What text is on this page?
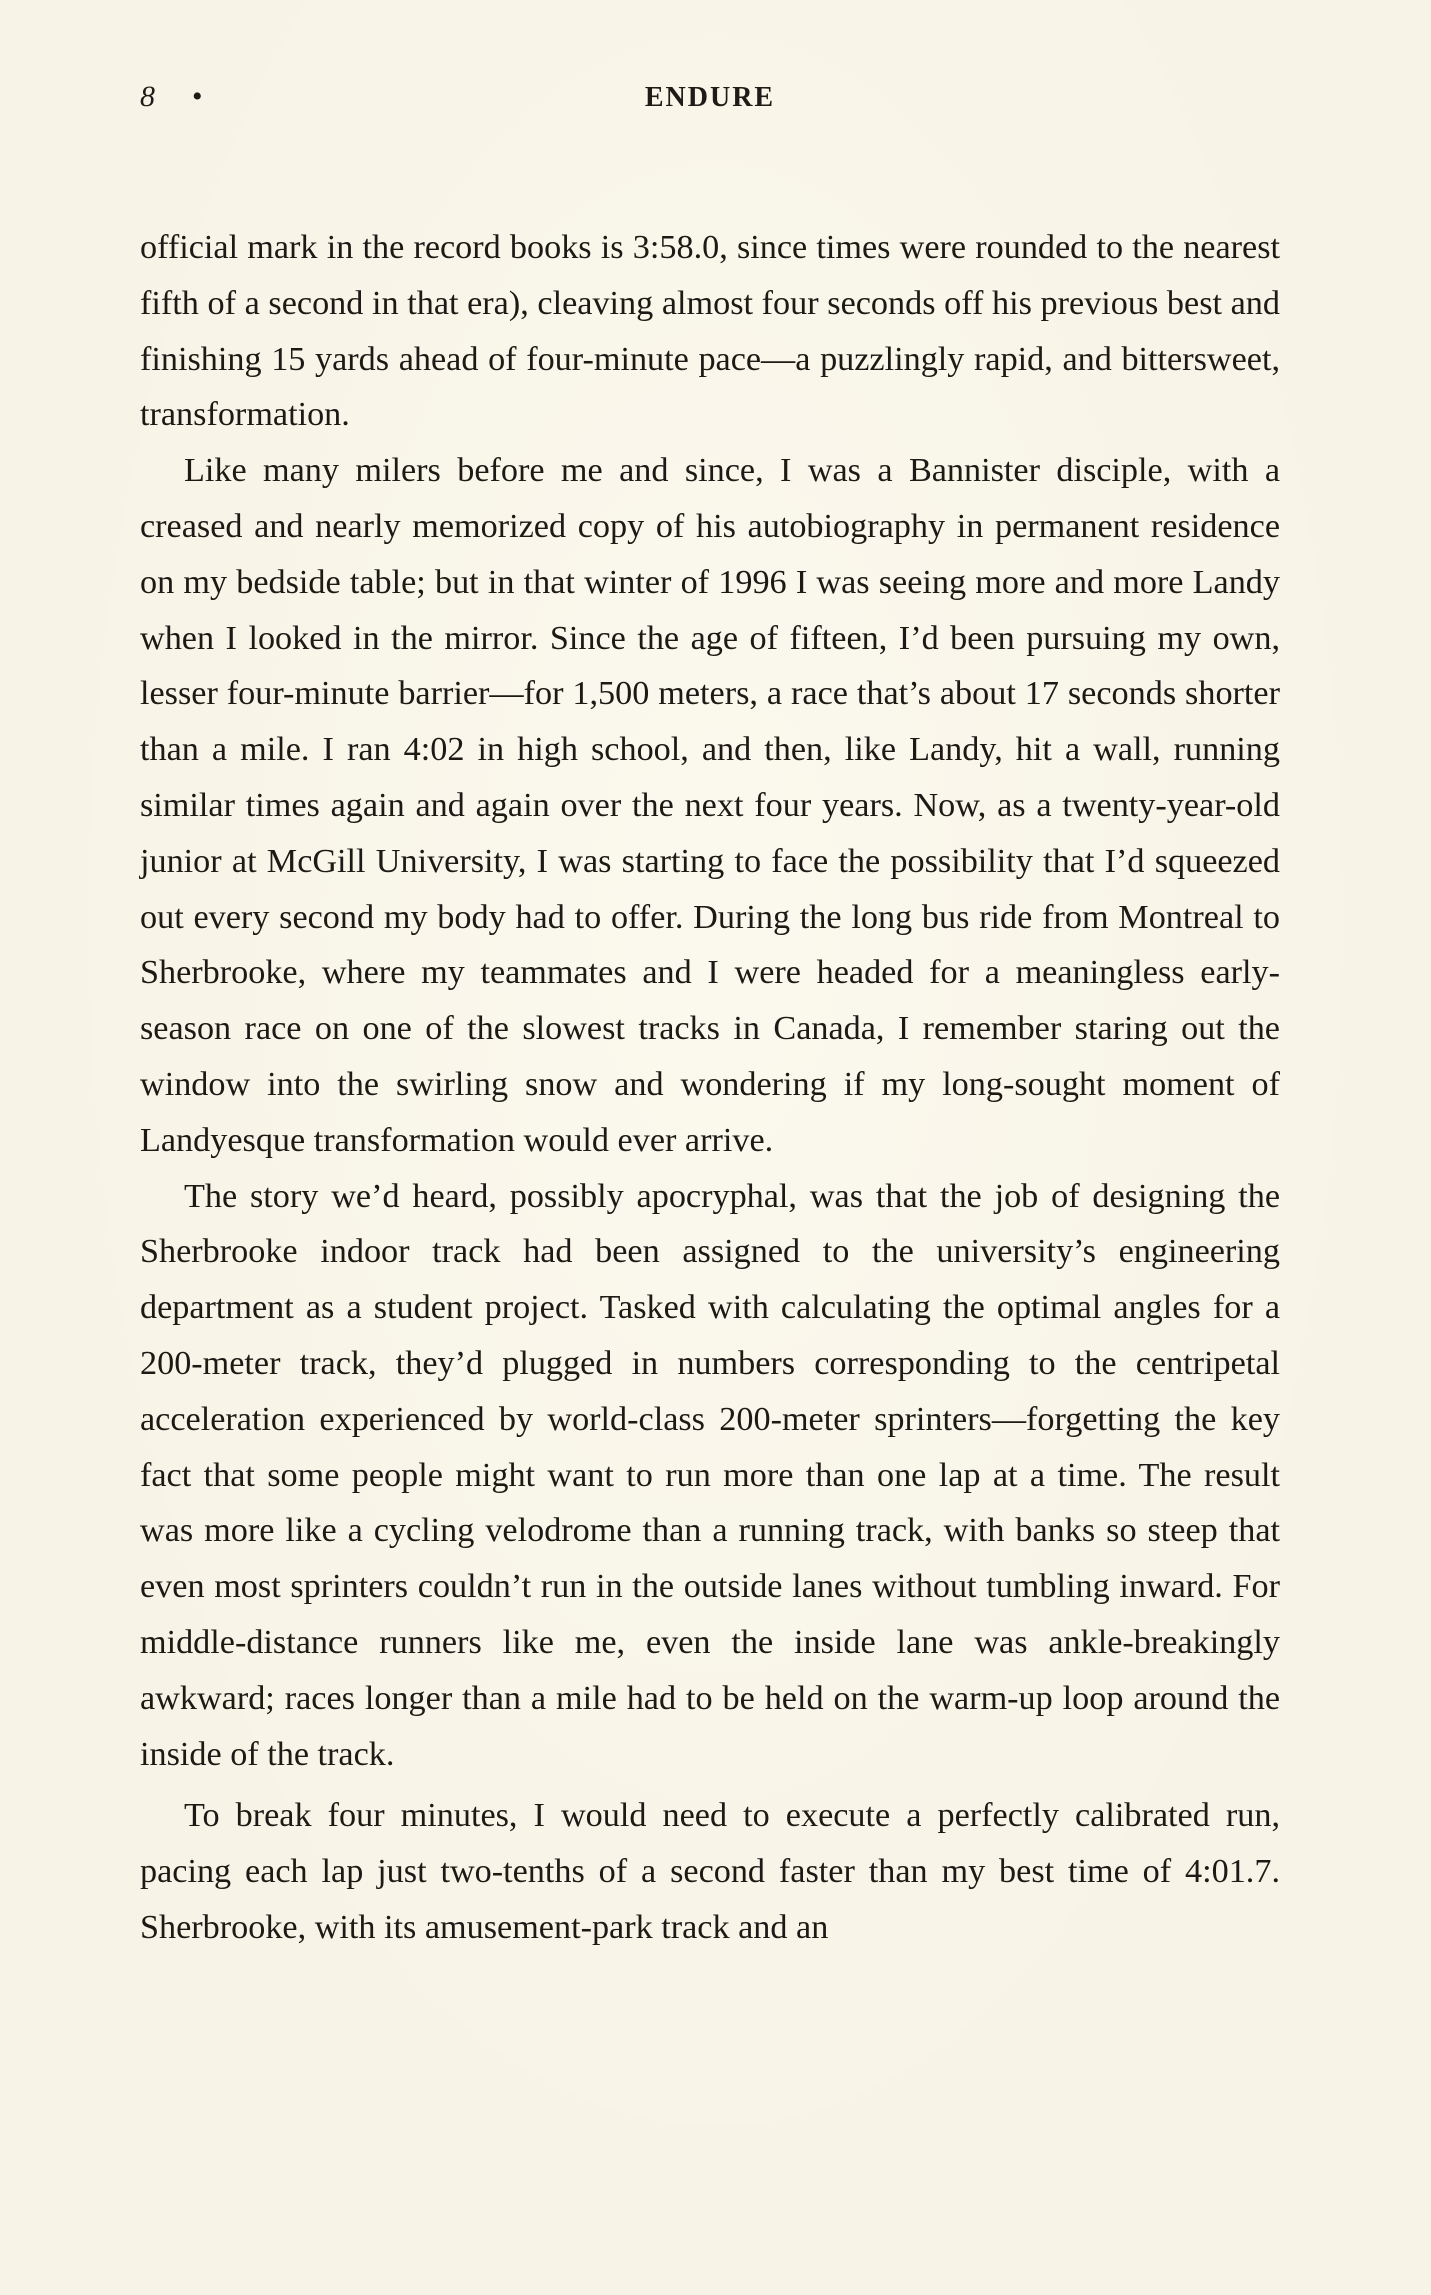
8 •	ENDURE

official mark in the record books is 3:58.0, since times were rounded to the nearest fifth of a second in that era), cleaving almost four seconds off his previous best and finishing 15 yards ahead of four-minute pace—a puzzlingly rapid, and bittersweet, transformation.

Like many milers before me and since, I was a Bannister disciple, with a creased and nearly memorized copy of his autobiography in permanent residence on my bedside table; but in that winter of 1996 I was seeing more and more Landy when I looked in the mirror. Since the age of fifteen, I’d been pursuing my own, lesser four-minute barrier—for 1,500 meters, a race that’s about 17 seconds shorter than a mile. I ran 4:02 in high school, and then, like Landy, hit a wall, running similar times again and again over the next four years. Now, as a twenty-year-old junior at McGill University, I was starting to face the possibility that I’d squeezed out every second my body had to offer. During the long bus ride from Montreal to Sherbrooke, where my teammates and I were headed for a meaningless early-season race on one of the slowest tracks in Canada, I remember staring out the window into the swirling snow and wondering if my long-sought moment of Landyesque transformation would ever arrive.

The story we’d heard, possibly apocryphal, was that the job of designing the Sherbrooke indoor track had been assigned to the university’s engineering department as a student project. Tasked with calculating the optimal angles for a 200-meter track, they’d plugged in numbers corresponding to the centripetal acceleration experienced by world-class 200-meter sprinters—forgetting the key fact that some people might want to run more than one lap at a time. The result was more like a cycling velodrome than a running track, with banks so steep that even most sprinters couldn’t run in the outside lanes without tumbling inward. For middle-distance runners like me, even the inside lane was ankle-breakingly awkward; races longer than a mile had to be held on the warm-up loop around the inside of the track.

To break four minutes, I would need to execute a perfectly calibrated run, pacing each lap just two-tenths of a second faster than my best time of 4:01.7. Sherbrooke, with its amusement-park track and an
